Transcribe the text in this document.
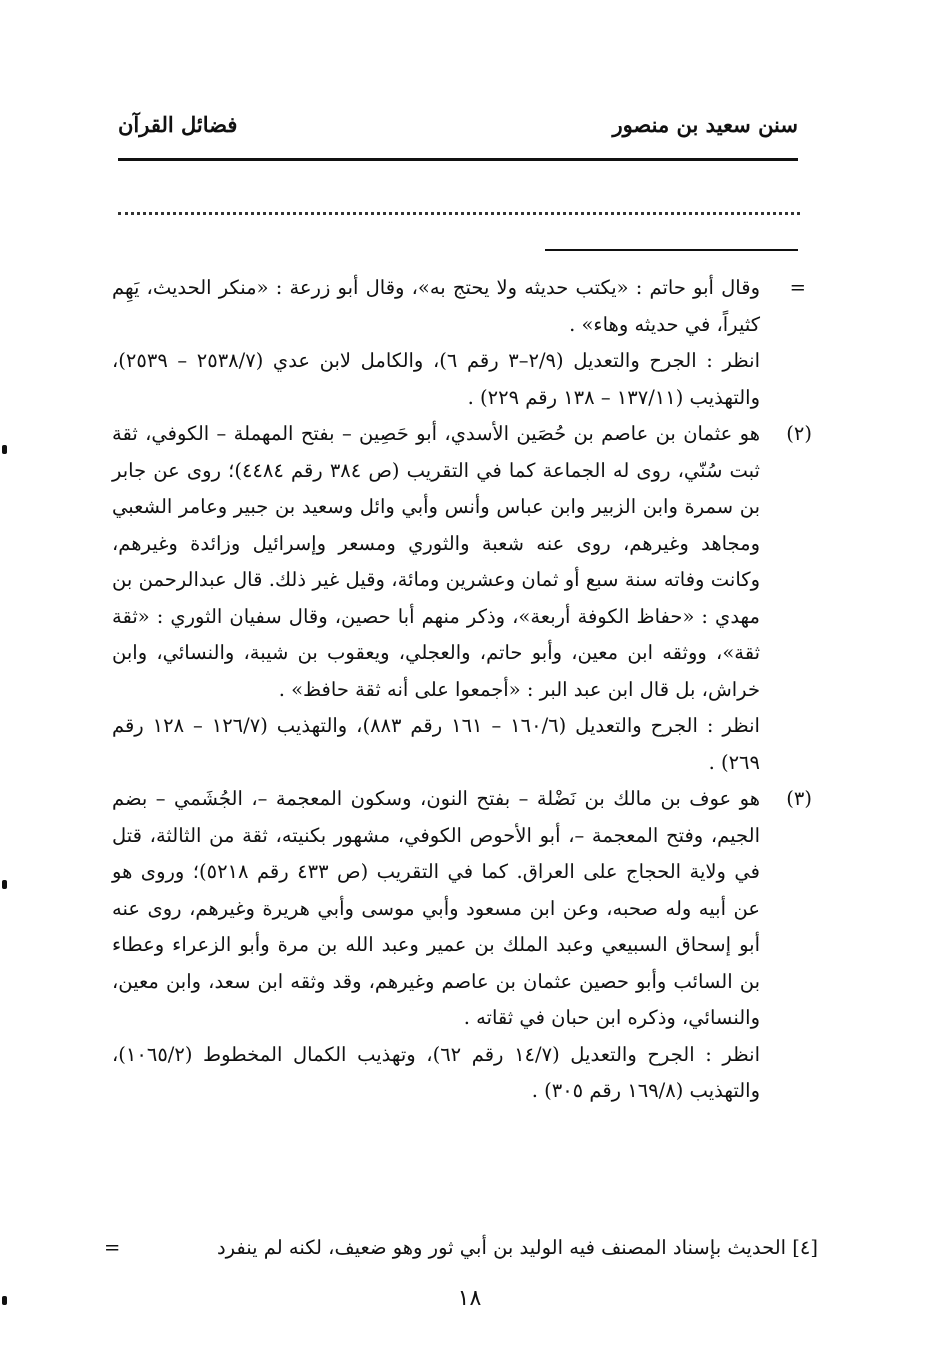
سنن سعيد بن منصور
فضائل القرآن
=

وقال أبو حاتم : «يكتب حديثه ولا يحتج به»، وقال أبو زرعة : «منكر الحديث، يَهِم كثيراً، في حديثه وهاء» .

انظر : الجرح والتعديل (٢/٩–٣ رقم ٦)، والكامل لابن عدي (٢٥٣٨/٧ – ٢٥٣٩)، والتهذيب (١٣٧/١١ – ١٣٨ رقم ٢٢٩) .

(٢)

هو عثمان بن عاصم بن حُصَين الأسدي، أبو حَصِين – بفتح المهملة – الكوفي، ثقة ثبت سُنّي، روى له الجماعة كما في التقريب (ص ٣٨٤ رقم ٤٤٨٤)؛ روى عن جابر بن سمرة وابن الزبير وابن عباس وأنس وأبي وائل وسعيد بن جبير وعامر الشعبي ومجاهد وغيرهم، روى عنه شعبة والثوري ومسعر وإسرائيل وزائدة وغيرهم، وكانت وفاته سنة سبع أو ثمان وعشرين ومائة، وقيل غير ذلك. قال عبدالرحمن بن مهدي : «حفاظ الكوفة أربعة»، وذكر منهم أبا حصين، وقال سفيان الثوري : «ثقة ثقة»، ووثقه ابن معين، وأبو حاتم، والعجلي، ويعقوب بن شيبة، والنسائي، وابن خراش، بل قال ابن عبد البر : «أجمعوا على أنه ثقة حافظ» .

انظر : الجرح والتعديل (١٦٠/٦ – ١٦١ رقم ٨٨٣)، والتهذيب (١٢٦/٧ – ١٢٨ رقم ٢٦٩) .

(٣)

هو عوف بن مالك بن نَضْلة – بفتح النون، وسكون المعجمة –، الجُشَمي – بضم الجيم، وفتح المعجمة –، أبو الأحوص الكوفي، مشهور بكنيته، ثقة من الثالثة، قتل في ولاية الحجاج على العراق. كما في التقريب (ص ٤٣٣ رقم ٥٢١٨)؛ وروى هو عن أبيه وله صحبه، وعن ابن مسعود وأبي موسى وأبي هريرة وغيرهم، روى عنه أبو إسحاق السبيعي وعبد الملك بن عمير وعبد الله بن مرة وأبو الزعراء وعطاء بن السائب وأبو حصين عثمان بن عاصم وغيرهم، وقد وثقه ابن سعد، وابن معين، والنسائي، وذكره ابن حبان في ثقاته .

انظر : الجرح والتعديل (١٤/٧ رقم ٦٢)، وتهذيب الكمال المخطوط (١٠٦٥/٢)، والتهذيب (١٦٩/٨ رقم ٣٠٥) .

[٤] الحديث بإسناد المصنف فيه الوليد بن أبي ثور وهو ضعيف، لكنه لم ينفرد
=
١٨
